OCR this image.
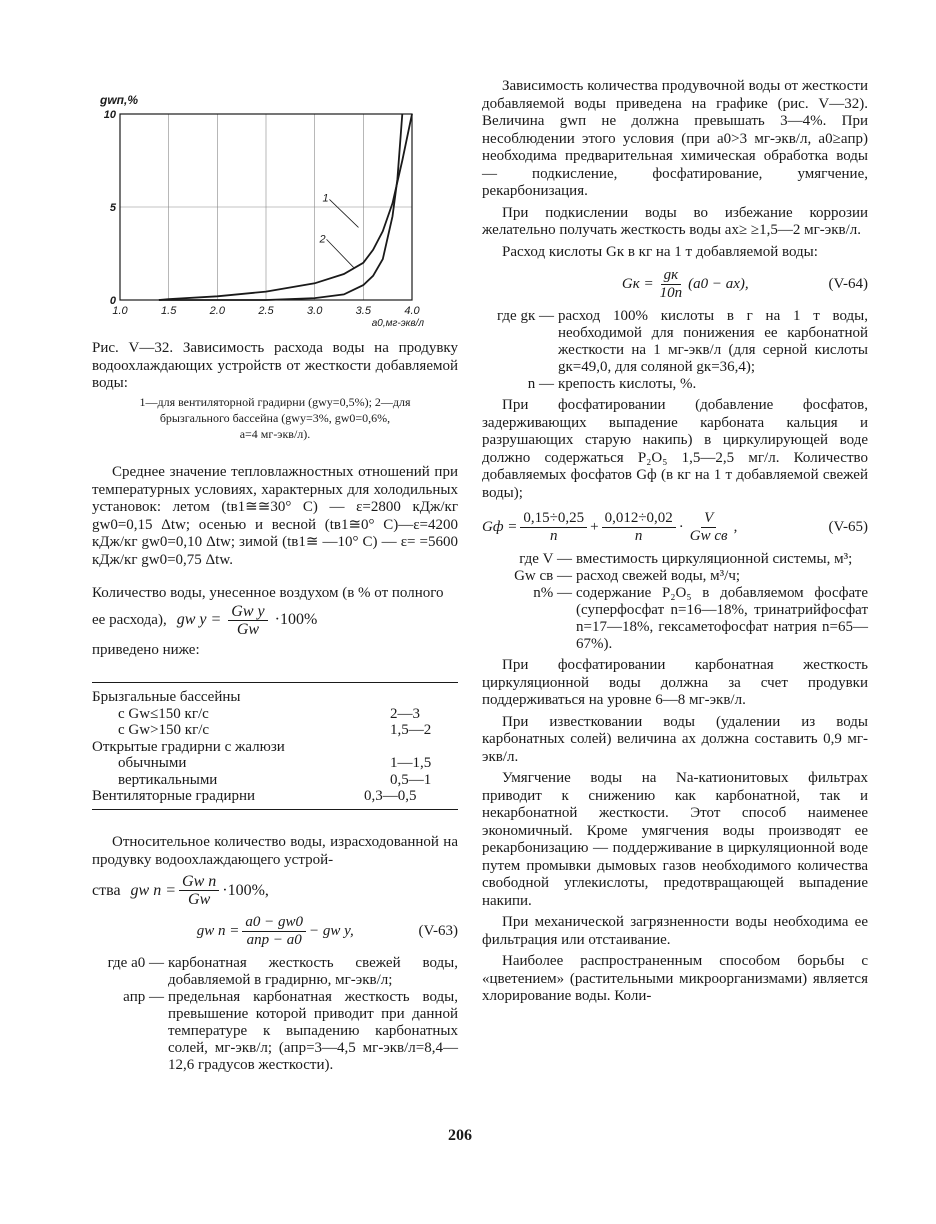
0
5
10
1.0	1.5	2.0	2.5	3.0	3.5	4.0
gwп,%
a0,мг-экв/л
1
2

Рис. V—32. Зависимость расхода воды на продувку водоохлаждающих устройств от жесткости добавляемой воды:

1—для вентиляторной градирни (gwу=0,5%); 2—для
брызгального бассейна (gwу=3%, gw0=0,6%,
a=4 мг-экв/л).

Среднее значение тепловлажностных отношений при температурных условиях, характерных для холодильных установок: летом (tв1≅≅30° С) — ε=2800 кДж/кг gw0=0,15 Δtw; осенью и весной (tв1≅0° С)—ε=4200 кДж/кг gw0=0,10 Δtw; зимой (tв1≅ —10° С) — ε= =5600 кДж/кг gw0=0,75 Δtw.

Количество воды, унесенное воздухом (в % от полного ее расхода), gw $у = \frac{\text{Gw у}}{Gw} \cdot 100\%$

приведено ниже:

Брызгальные бассейны
с Gw≤150 кг/с	2—3
с Gw>150 кг/с	1,5—2
Открытые градирни с жалюзи
обычными	1—1,5
вертикальными	0,5—1
Вентиляторные градирни	0,3—0,5

Относительное количество воды, израсходованной на продувку водоохлаждающего устрой-

ства gw $п = \frac{\text{Gw п}}{Gw} \cdot 100\%$,
gw $п = \frac{a0 - gw0}{\text{aпр − a0}}$ − gw у,	(V-63)
где a0 — карбонатная жесткость свежей воды, добавляемой в градирню, мг-экв/л;
aпр — предельная карбонатная жесткость воды, превышение которой приводит при данной температуре к выпадению карбонатных солей, мг-экв/л; (aпр=3—4,5 мг-экв/л=8,4—12,6 градусов жесткости).

Зависимость количества продувочной воды от жесткости добавляемой воды приведена на графике (рис. V—32). Величина gwп не должна превышать 3—4%. При несоблюдении этого условия (при a0>3 мг-экв/л, a0≥aпр) необходима предварительная химическая обработка воды — подкисление, фосфатирование, умягчение, рекарбонизация.

При подкислении воды во избежание коррозии желательно получать жесткость воды aх≥ ≥1,5—2 мг-экв/л.

Расход кислоты Gк в кг на 1 т добавляемой воды:

Gк = $\frac{gк}{10n} (a0 - aх)$,	(V-64)
где gк — расход 100% кислоты в г на 1 т воды, необходимой для понижения ее карбонатной жесткости на 1 мг-экв/л (для серной кислоты gк=49,0, для соляной gк=36,4);
n — крепость кислоты, %.

При фосфатировании (добавление фосфатов, задерживающих выпадение карбоната кальция и разрушающих старую накипь) в циркулирующей воде должно содержаться P₂O₅ 1,5—2,5 мг/л. Количество добавляемых фосфатов Gф (в кг на 1 т добавляемой свежей воды);

Gф = $\frac{0,15\div 0,25}{n} + \frac{0,012\div 0,02}{n} \cdot \frac{V}{\text{Gw св}}$ ,	(V-65)
где V — вместимость циркуляционной системы, м³;
Gw св — расход свежей воды, м³/ч;
n% — содержание P₂O₅ в добавляемом фосфате (суперфосфат n=16—18%, тринатрийфосфат n=17—18%, гексаметофосфат натрия n=65—67%).

При фосфатировании карбонатная жесткость циркуляционной воды должна за счет продувки поддерживаться на уровне 6—8 мг-экв/л.

При известковании воды (удалении из воды карбонатных солей) величина aх должна составить 0,9 мг-экв/л.

Умягчение воды на Na-катионитовых фильтрах приводит к снижению как карбонатной, так и некарбонатной жесткости. Этот способ наименее экономичный. Кроме умягчения воды производят ее рекарбонизацию — поддерживание в циркуляционной воде путем промывки дымовых газов необходимого количества свободной углекислоты, предотвращающей выпадение накипи.

При механической загрязненности воды необходима ее фильтрация или отстаивание.

Наиболее распространенным способом борьбы с «цветением» (растительными микроорганизмами) является хлорирование воды. Коли-

206
